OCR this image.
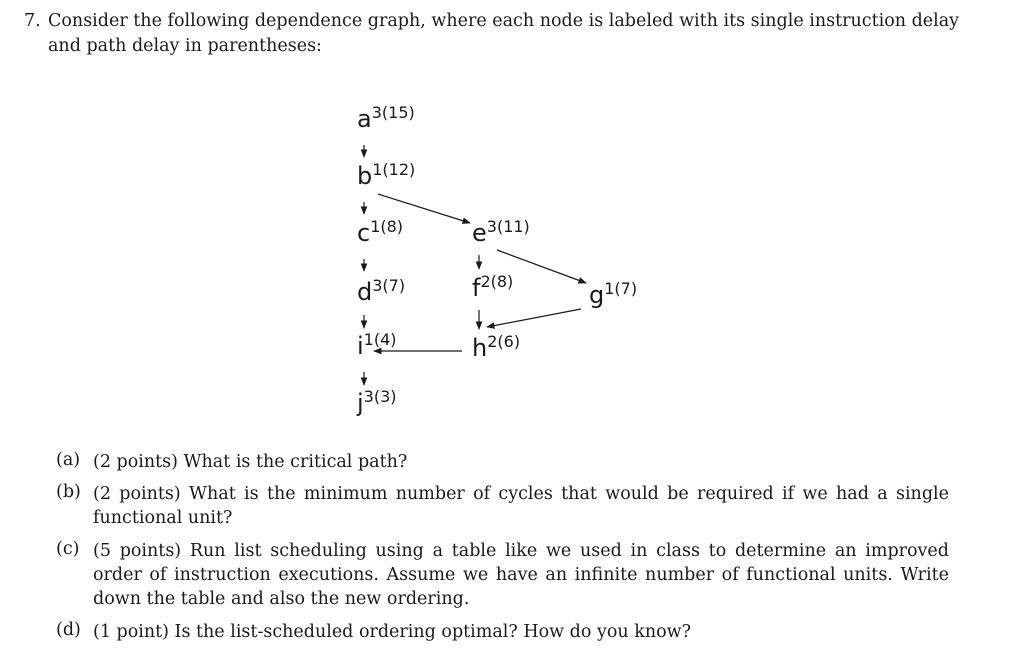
7. Consider the following dependence graph, where each node is labeled with its single instruction delay
and path delay in parentheses:
$a^{3(15)}$
$b^{1(12)}$
$c^{1(8)}$
$d^{3(7)}$
$i^{1(4)}$
$j^{3(3)}$
$e^{3(11)}$
$f^{2(8)}$
$h^{2(6)}$
$g^{1(7)}$
(a) (2 points) What is the critical path?
(b) (2 points) What is the minimum number of cycles that would be required if we had a single functional unit?
(c) (5 points) Run list scheduling using a table like we used in class to determine an improved order of instruction executions. Assume we have an infinite number of functional units. Write down the table and also the new ordering.
(d) (1 point) Is the list-scheduled ordering optimal? How do you know?
